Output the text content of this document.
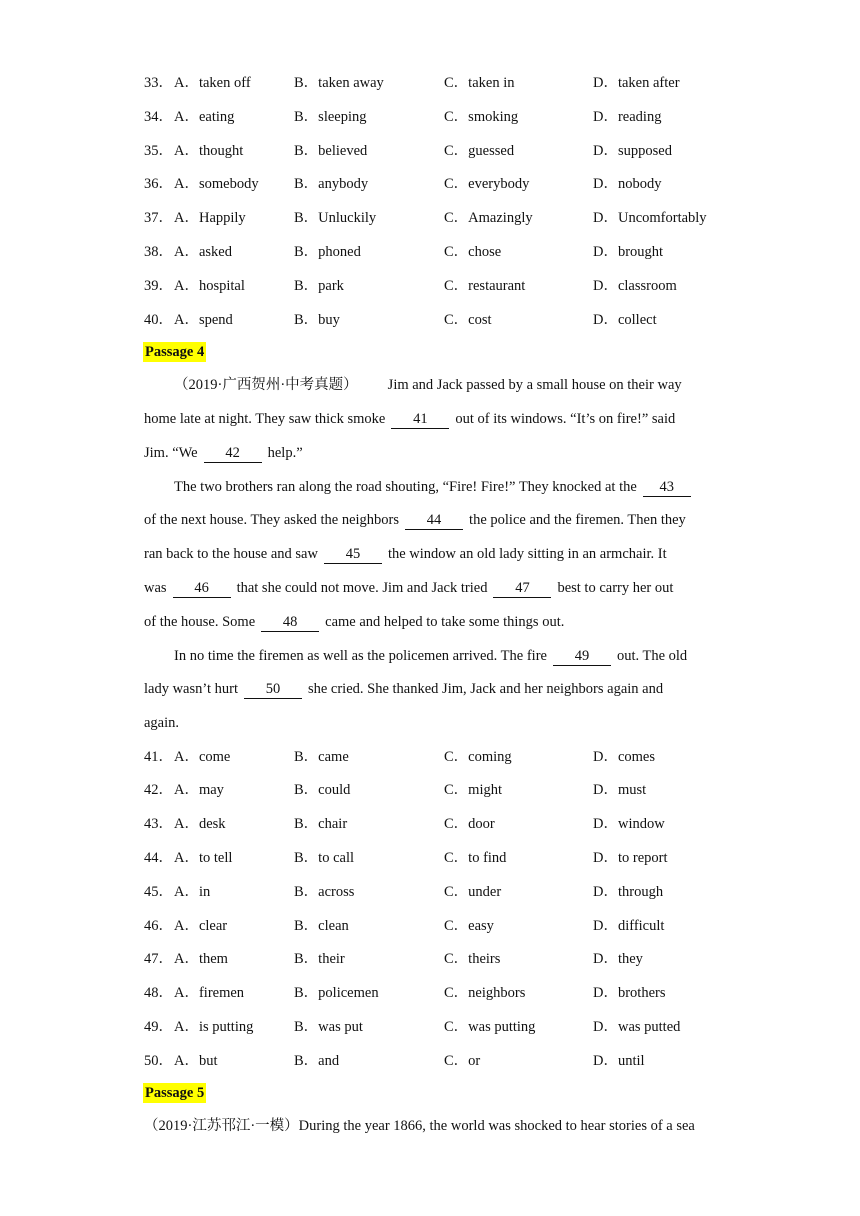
33． A．taken off	B．taken away	C．taken in	D．taken after
34． A．eating	B．sleeping	C．smoking	D．reading
35． A．thought	B．believed	C．guessed	D．supposed
36． A．somebody B．anybody	C．everybody	D．nobody
37． A．Happily	B．Unluckily	C．Amazingly	D．Uncomfortably
38． A．asked	B．phoned	C．chose	D．brought
39． A．hospital	B．park	C．restaurant	D．classroom
40． A．spend	B．buy	C．cost	D．collect
Passage 4
（2019·广西贺州·中考真题） Jim and Jack passed by a small house on their way
home late at night. They saw thick smoke 41 out of its windows. “It’s on fire!” said
Jim. “We 42 help.”
The two brothers ran along the road shouting, “Fire! Fire!” They knocked at the 43
of the next house. They asked the neighbors 44 the police and the firemen. Then they
ran back to the house and saw 45 the window an old lady sitting in an armchair. It
was 46 that she could not move. Jim and Jack tried 47 best to carry her out
of the house. Some 48 came and helped to take some things out.
In no time the firemen as well as the policemen arrived. The fire 49 out. The old
lady wasn’t hurt 50 she cried. She thanked Jim, Jack and her neighbors again and
again.
41． A．come	B．came	C．coming	D．comes
42． A．may	B．could	C．might	D．must
43． A．desk	B．chair	C．door	D．window
44． A．to tell	B．to call	C．to find	D．to report
45． A．in	B．across	C．under	D．through
46． A．clear	B．clean	C．easy	D．difficult
47． A．them	B．their	C．theirs	D．they
48． A．firemen	B．policemen	C．neighbors	D．brothers
49． A．is putting	B．was put	C．was putting	D．was putted
50． A．but	B．and	C．or	D．until
Passage 5
（2019·江苏邗江·一模）During the year 1866, the world was shocked to hear stories of a sea
